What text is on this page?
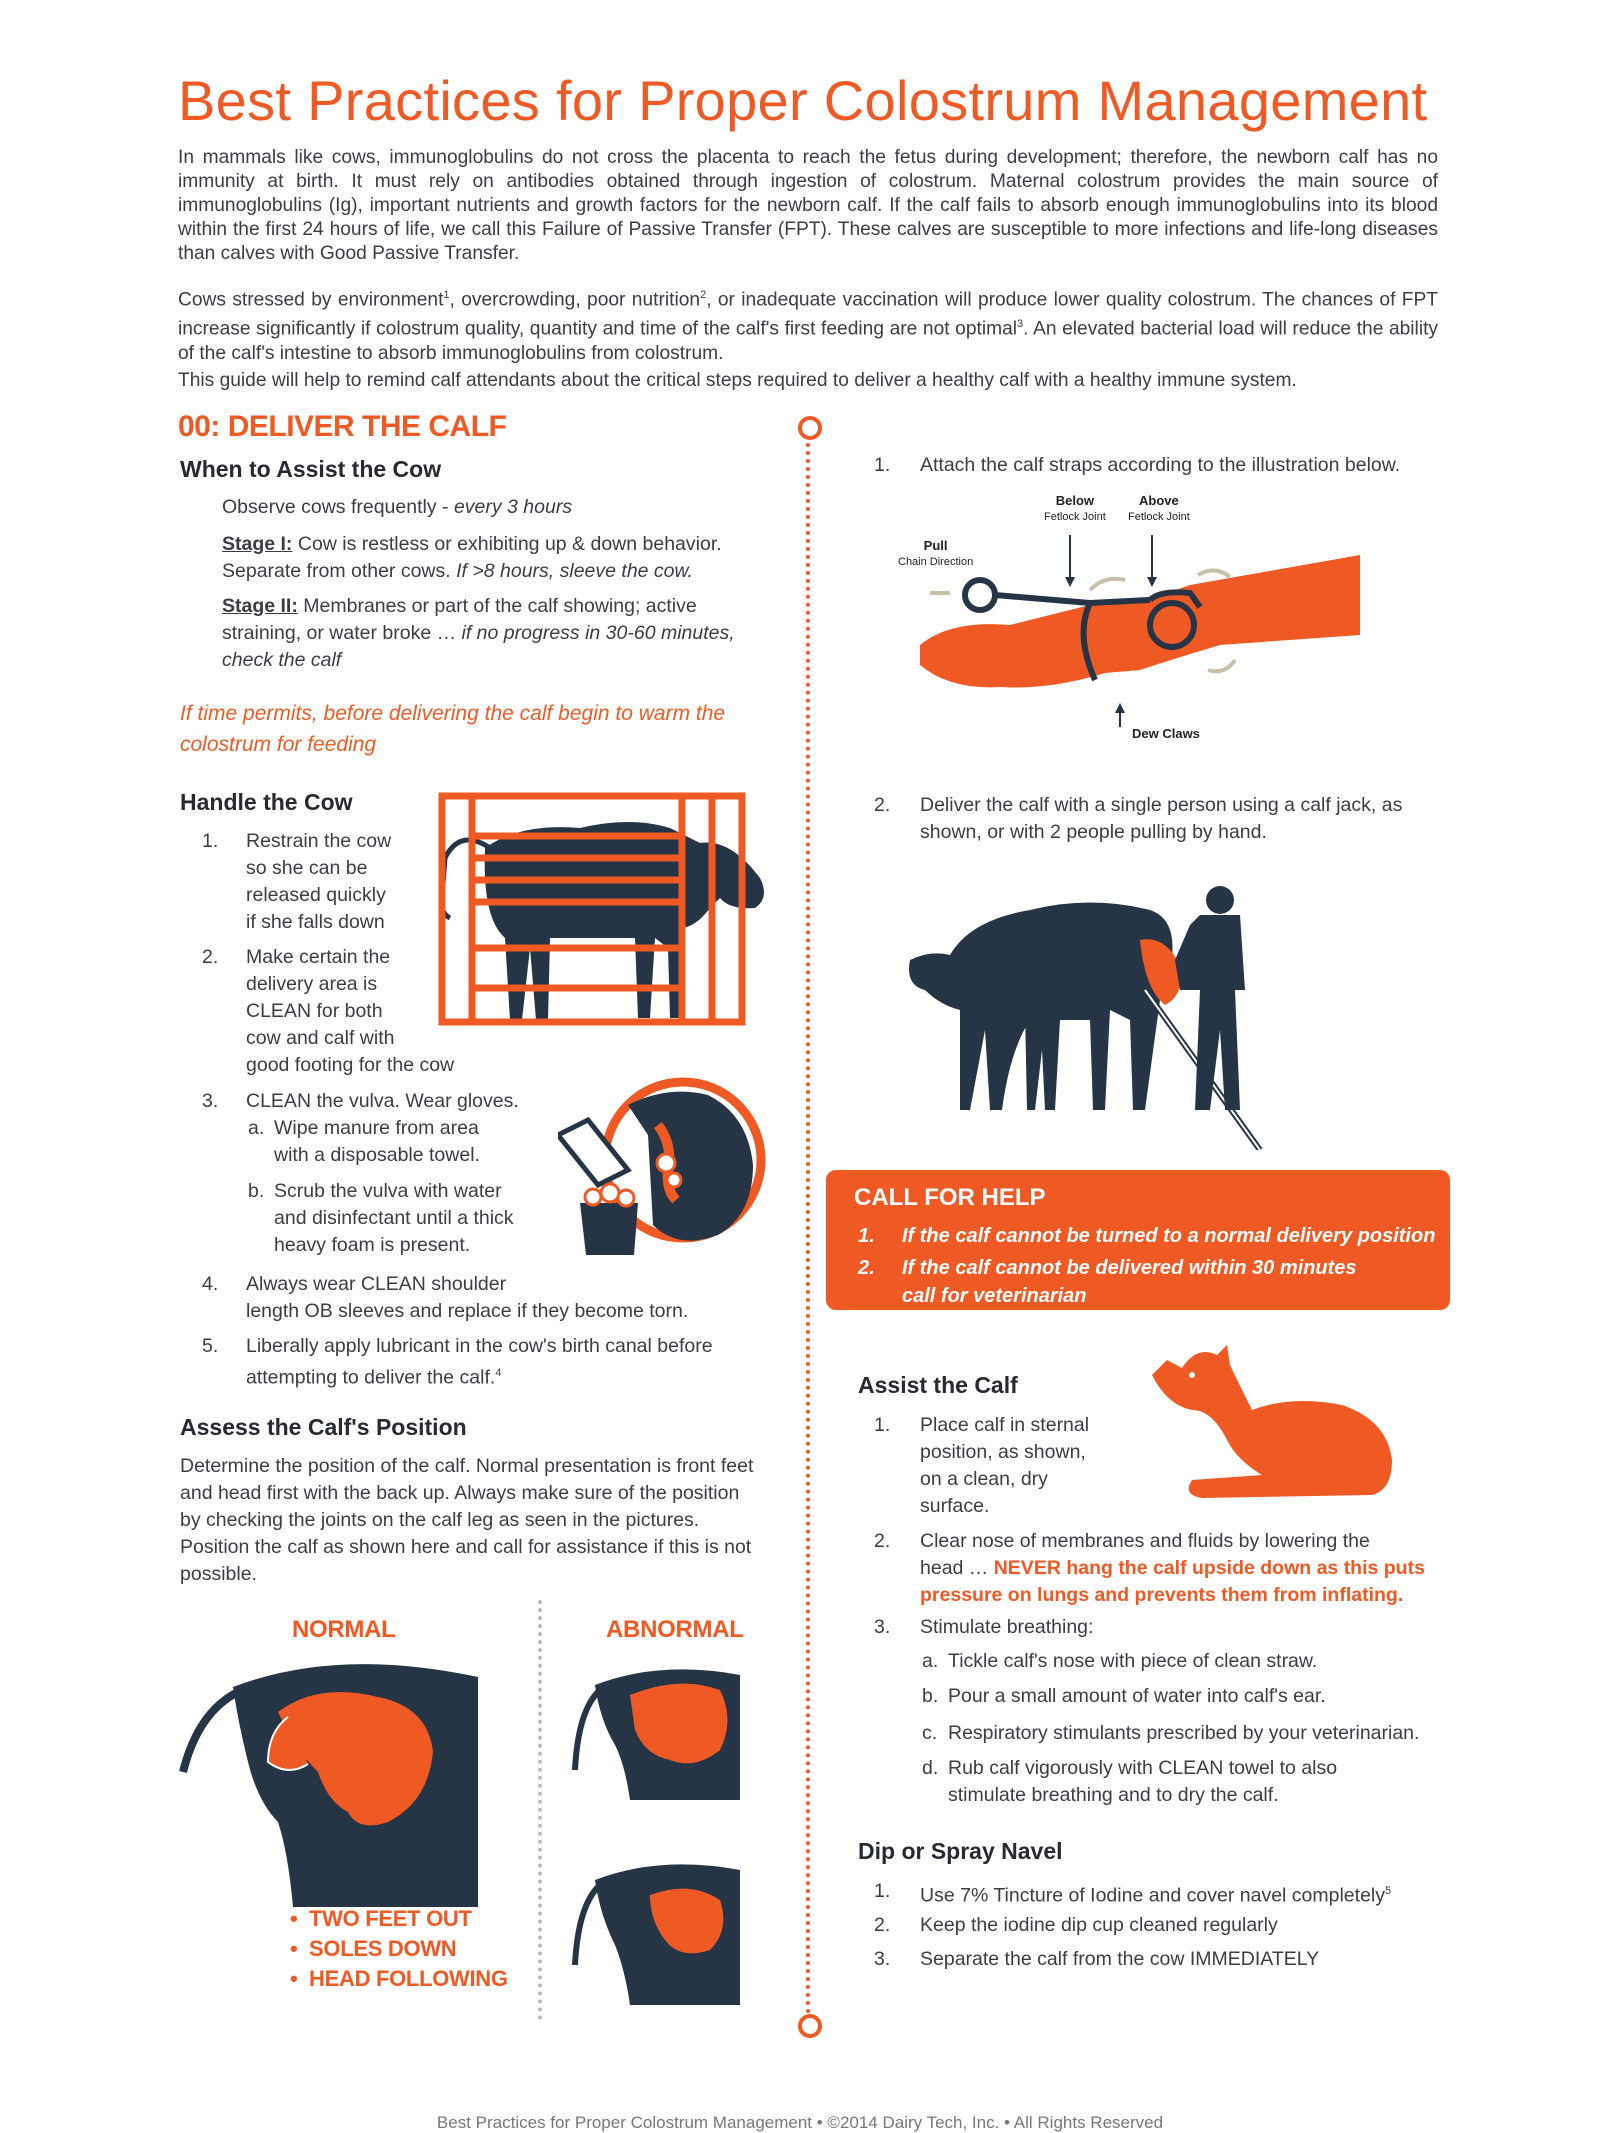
Best Practices for Proper Colostrum Management
In mammals like cows, immunoglobulins do not cross the placenta to reach the fetus during development; therefore, the newborn calf has no immunity at birth. It must rely on antibodies obtained through ingestion of colostrum. Maternal colostrum provides the main source of immunoglobulins (Ig), important nutrients and growth factors for the newborn calf. If the calf fails to absorb enough immunoglobulins into its blood within the first 24 hours of life, we call this Failure of Passive Transfer (FPT). These calves are susceptible to more infections and life-long diseases than calves with Good Passive Transfer.
Cows stressed by environment$^1$, overcrowding, poor nutrition$^2$, or inadequate vaccination will produce lower quality colostrum. The chances of FPT increase significantly if colostrum quality, quantity and time of the calf's first feeding are not optimal$^3$. An elevated bacterial load will reduce the ability of the calf's intestine to absorb immunoglobulins from colostrum.
This guide will help to remind calf attendants about the critical steps required to deliver a healthy calf with a healthy immune system.
00: DELIVER THE CALF
When to Assist the Cow
Observe cows frequently - every 3 hours
Stage I: Cow is restless or exhibiting up & down behavior.
Separate from other cows. If >8 hours, sleeve the cow.
Stage II: Membranes or part of the calf showing; active
straining, or water broke … if no progress in 30-60 minutes,
check the calf
If time permits, before delivering the calf begin to warm the colostrum for feeding
Handle the Cow
1. Restrain the cow
so she can be
released quickly
if she falls down
2. Make certain the
delivery area is
CLEAN for both
cow and calf with
good footing for the cow
3. CLEAN the vulva. Wear gloves.
a. Wipe manure from area
with a disposable towel.
b. Scrub the vulva with water
and disinfectant until a thick
heavy foam is present.
4. Always wear CLEAN shoulder
length OB sleeves and replace if they become torn.
5. Liberally apply lubricant in the cow's birth canal before
attempting to deliver the calf.$^4$
Assess the Calf's Position
Determine the position of the calf. Normal presentation is front feet and head first with the back up. Always make sure of the position by checking the joints on the calf leg as seen in the pictures. Position the calf as shown here and call for assistance if this is not possible.
NORMAL	ABNORMAL
•  TWO FEET OUT
•  SOLES DOWN
•  HEAD FOLLOWING
1. Attach the calf straps according to the illustration below.
Below
Fetlock Joint
Above
Fetlock Joint
Pull
Chain Direction
Dew Claws
2. Deliver the calf with a single person using a calf jack, as
shown, or with 2 people pulling by hand.
CALL FOR HELP
1. If the calf cannot be turned to a normal delivery position
2. If the calf cannot be delivered within 30 minutes
call for veterinarian
Assist the Calf
1. Place calf in sternal
position, as shown,
on a clean, dry
surface.
2. Clear nose of membranes and fluids by lowering the
head … NEVER hang the calf upside down as this puts
pressure on lungs and prevents them from inflating.
3. Stimulate breathing:
a. Tickle calf's nose with piece of clean straw.
b. Pour a small amount of water into calf's ear.
c. Respiratory stimulants prescribed by your veterinarian.
d. Rub calf vigorously with CLEAN towel to also
stimulate breathing and to dry the calf.
Dip or Spray Navel
1. Use 7% Tincture of Iodine and cover navel completely$^5$
2. Keep the iodine dip cup cleaned regularly
3. Separate the calf from the cow IMMEDIATELY
Best Practices for Proper Colostrum Management • ©2014 Dairy Tech, Inc. • All Rights Reserved
